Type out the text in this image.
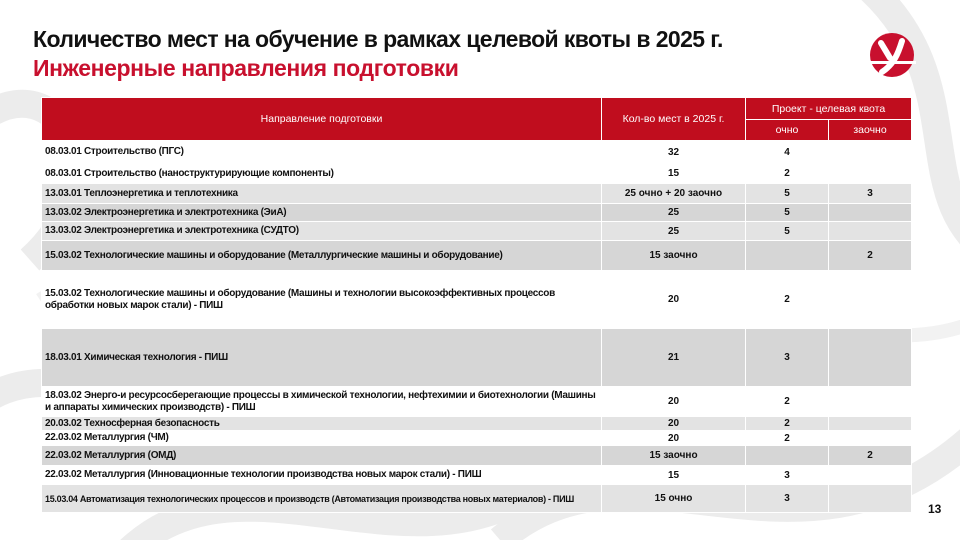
Количество мест на обучение в рамках целевой квоты в 2025 г.
Инженерные направления подготовки
Направление подготовки	Кол-во мест в 2025 г.	Проект - целевая квота	
		очно	заочно
08.03.01 Строительство (ПГС)	32	4	
08.03.01 Строительство (наноструктурирующие компоненты)	15	2	
13.03.01 Теплоэнергетика и теплотехника	25 очно + 20 заочно	5	3
13.03.02 Электроэнергетика и электротехника (ЭиА)	25	5	
13.03.02 Электроэнергетика и электротехника (СУДТО)	25	5	
15.03.02 Технологические машины и оборудование (Металлургические машины и оборудование)	15 заочно		2
15.03.02 Технологические машины и оборудование (Машины и технологии высокоэффективных процессов обработки новых марок стали) - ПИШ	20	2	
18.03.01 Химическая технология - ПИШ	21	3	
18.03.02 Энерго-и ресурсосберегающие процессы в химической технологии, нефтехимии и биотехнологии (Машины и аппараты химических производств) - ПИШ	20	2	
20.03.02 Техносферная безопасность	20	2	
22.03.02 Металлургия (ЧМ)	20	2	
22.03.02 Металлургия (ОМД)	15 заочно		2
22.03.02 Металлургия (Инновационные технологии производства новых марок стали) - ПИШ	15	3	
15.03.04 Автоматизация технологических процессов и производств (Автоматизация производства новых материалов) - ПИШ	15 очно	3	
13
